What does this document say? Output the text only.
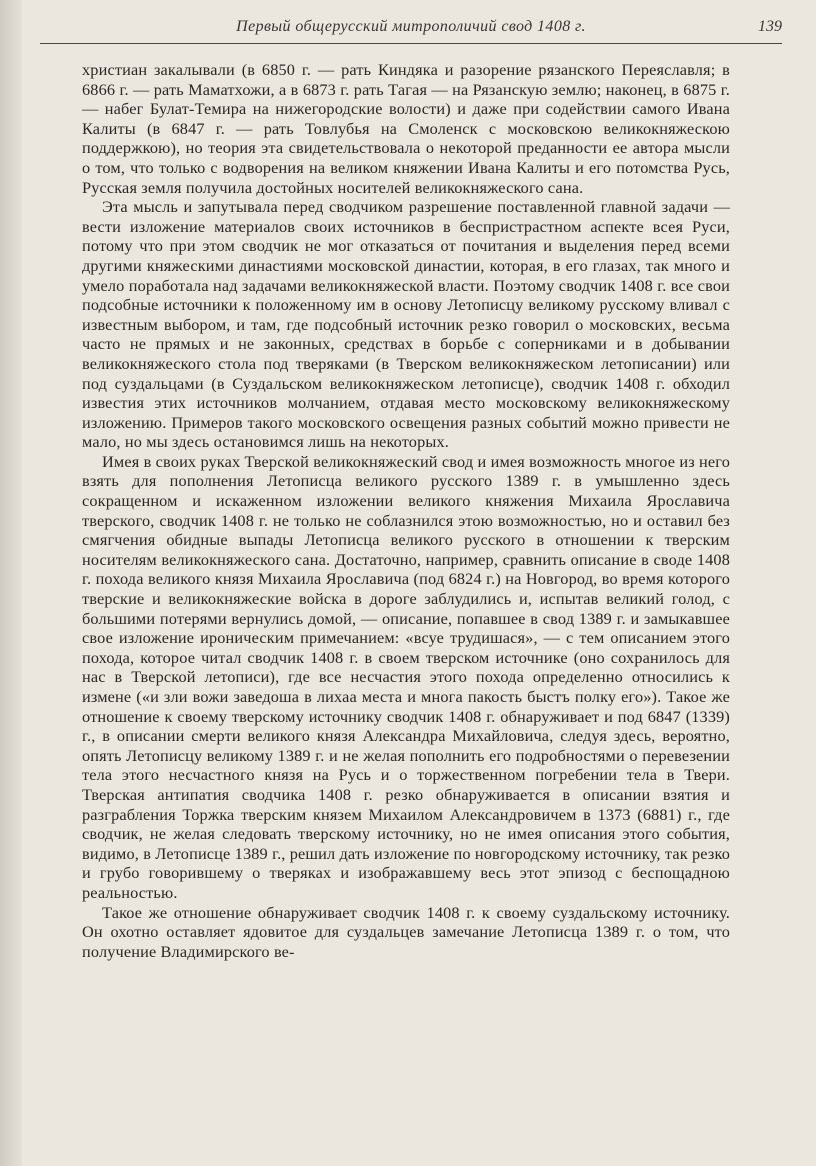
Первый общерусский митрополичий свод 1408 г.	139

христиан закалывали (в 6850 г. — рать Киндяка и разорение рязанского Переяславля; в 6866 г. — рать Маматхожи, а в 6873 г. рать Тагая — на Рязанскую землю; наконец, в 6875 г. — набег Булат-Темира на нижегородские волости) и даже при содействии самого Ивана Калиты (в 6847 г. — рать Товлубья на Смоленск с московскою великокняжескою поддержкою), но теория эта свидетельствовала о некоторой преданности ее автора мысли о том, что только с водворения на великом княжении Ивана Калиты и его потомства Русь, Русская земля получила достойных носителей великокняжеского сана.

Эта мысль и запутывала перед сводчиком разрешение поставленной главной задачи — вести изложение материалов своих источников в беспристрастном аспекте всея Руси, потому что при этом сводчик не мог отказаться от почитания и выделения перед всеми другими княжескими династиями московской династии, которая, в его глазах, так много и умело поработала над задачами великокняжеской власти. Поэтому сводчик 1408 г. все свои подсобные источники к положенному им в основу Летописцу великому русскому вливал с известным выбором, и там, где подсобный источник резко говорил о московских, весьма часто не прямых и не законных, средствах в борьбе с соперниками и в добывании великокняжеского стола под тверяками (в Тверском великокняжеском летописании) или под суздальцами (в Суздальском великокняжеском летописце), сводчик 1408 г. обходил известия этих источников молчанием, отдавая место московскому великокняжескому изложению. Примеров такого московского освещения разных событий можно привести не мало, но мы здесь остановимся лишь на некоторых.

Имея в своих руках Тверской великокняжеский свод и имея возможность многое из него взять для пополнения Летописца великого русского 1389 г. в умышленно здесь сокращенном и искаженном изложении великого княжения Михаила Ярославича тверского, сводчик 1408 г. не только не соблазнился этою возможностью, но и оставил без смягчения обидные выпады Летописца великого русского в отношении к тверским носителям великокняжеского сана. Достаточно, например, сравнить описание в своде 1408 г. похода великого князя Михаила Ярославича (под 6824 г.) на Новгород, во время которого тверские и великокняжеские войска в дороге заблудились и, испытав великий голод, с большими потерями вернулись домой, — описание, попавшее в свод 1389 г. и замыкавшее свое изложение ироническим примечанием: «всуе трудишася», — с тем описанием этого похода, которое читал сводчик 1408 г. в своем тверском источнике (оно сохранилось для нас в Тверской летописи), где все несчастия этого похода определенно относились к измене («и зли вожи заведоша в лихаа места и многа пакость быстъ полку его»). Такое же отношение к своему тверскому источнику сводчик 1408 г. обнаруживает и под 6847 (1339) г., в описании смерти великого князя Александра Михайловича, следуя здесь, вероятно, опять Летописцу великому 1389 г. и не желая пополнить его подробностями о перевезении тела этого несчастного князя на Русь и о торжественном погребении тела в Твери. Тверская антипатия сводчика 1408 г. резко обнаруживается в описании взятия и разграбления Торжка тверским князем Михаилом Александровичем в 1373 (6881) г., где сводчик, не желая следовать тверскому источнику, но не имея описания этого события, видимо, в Летописце 1389 г., решил дать изложение по новгородскому источнику, так резко и грубо говорившему о тверяках и изображавшему весь этот эпизод с беспощадною реальностью.

Такое же отношение обнаруживает сводчик 1408 г. к своему суздальскому источнику. Он охотно оставляет ядовитое для суздальцев замечание Летописца 1389 г. о том, что получение Владимирского ве-
